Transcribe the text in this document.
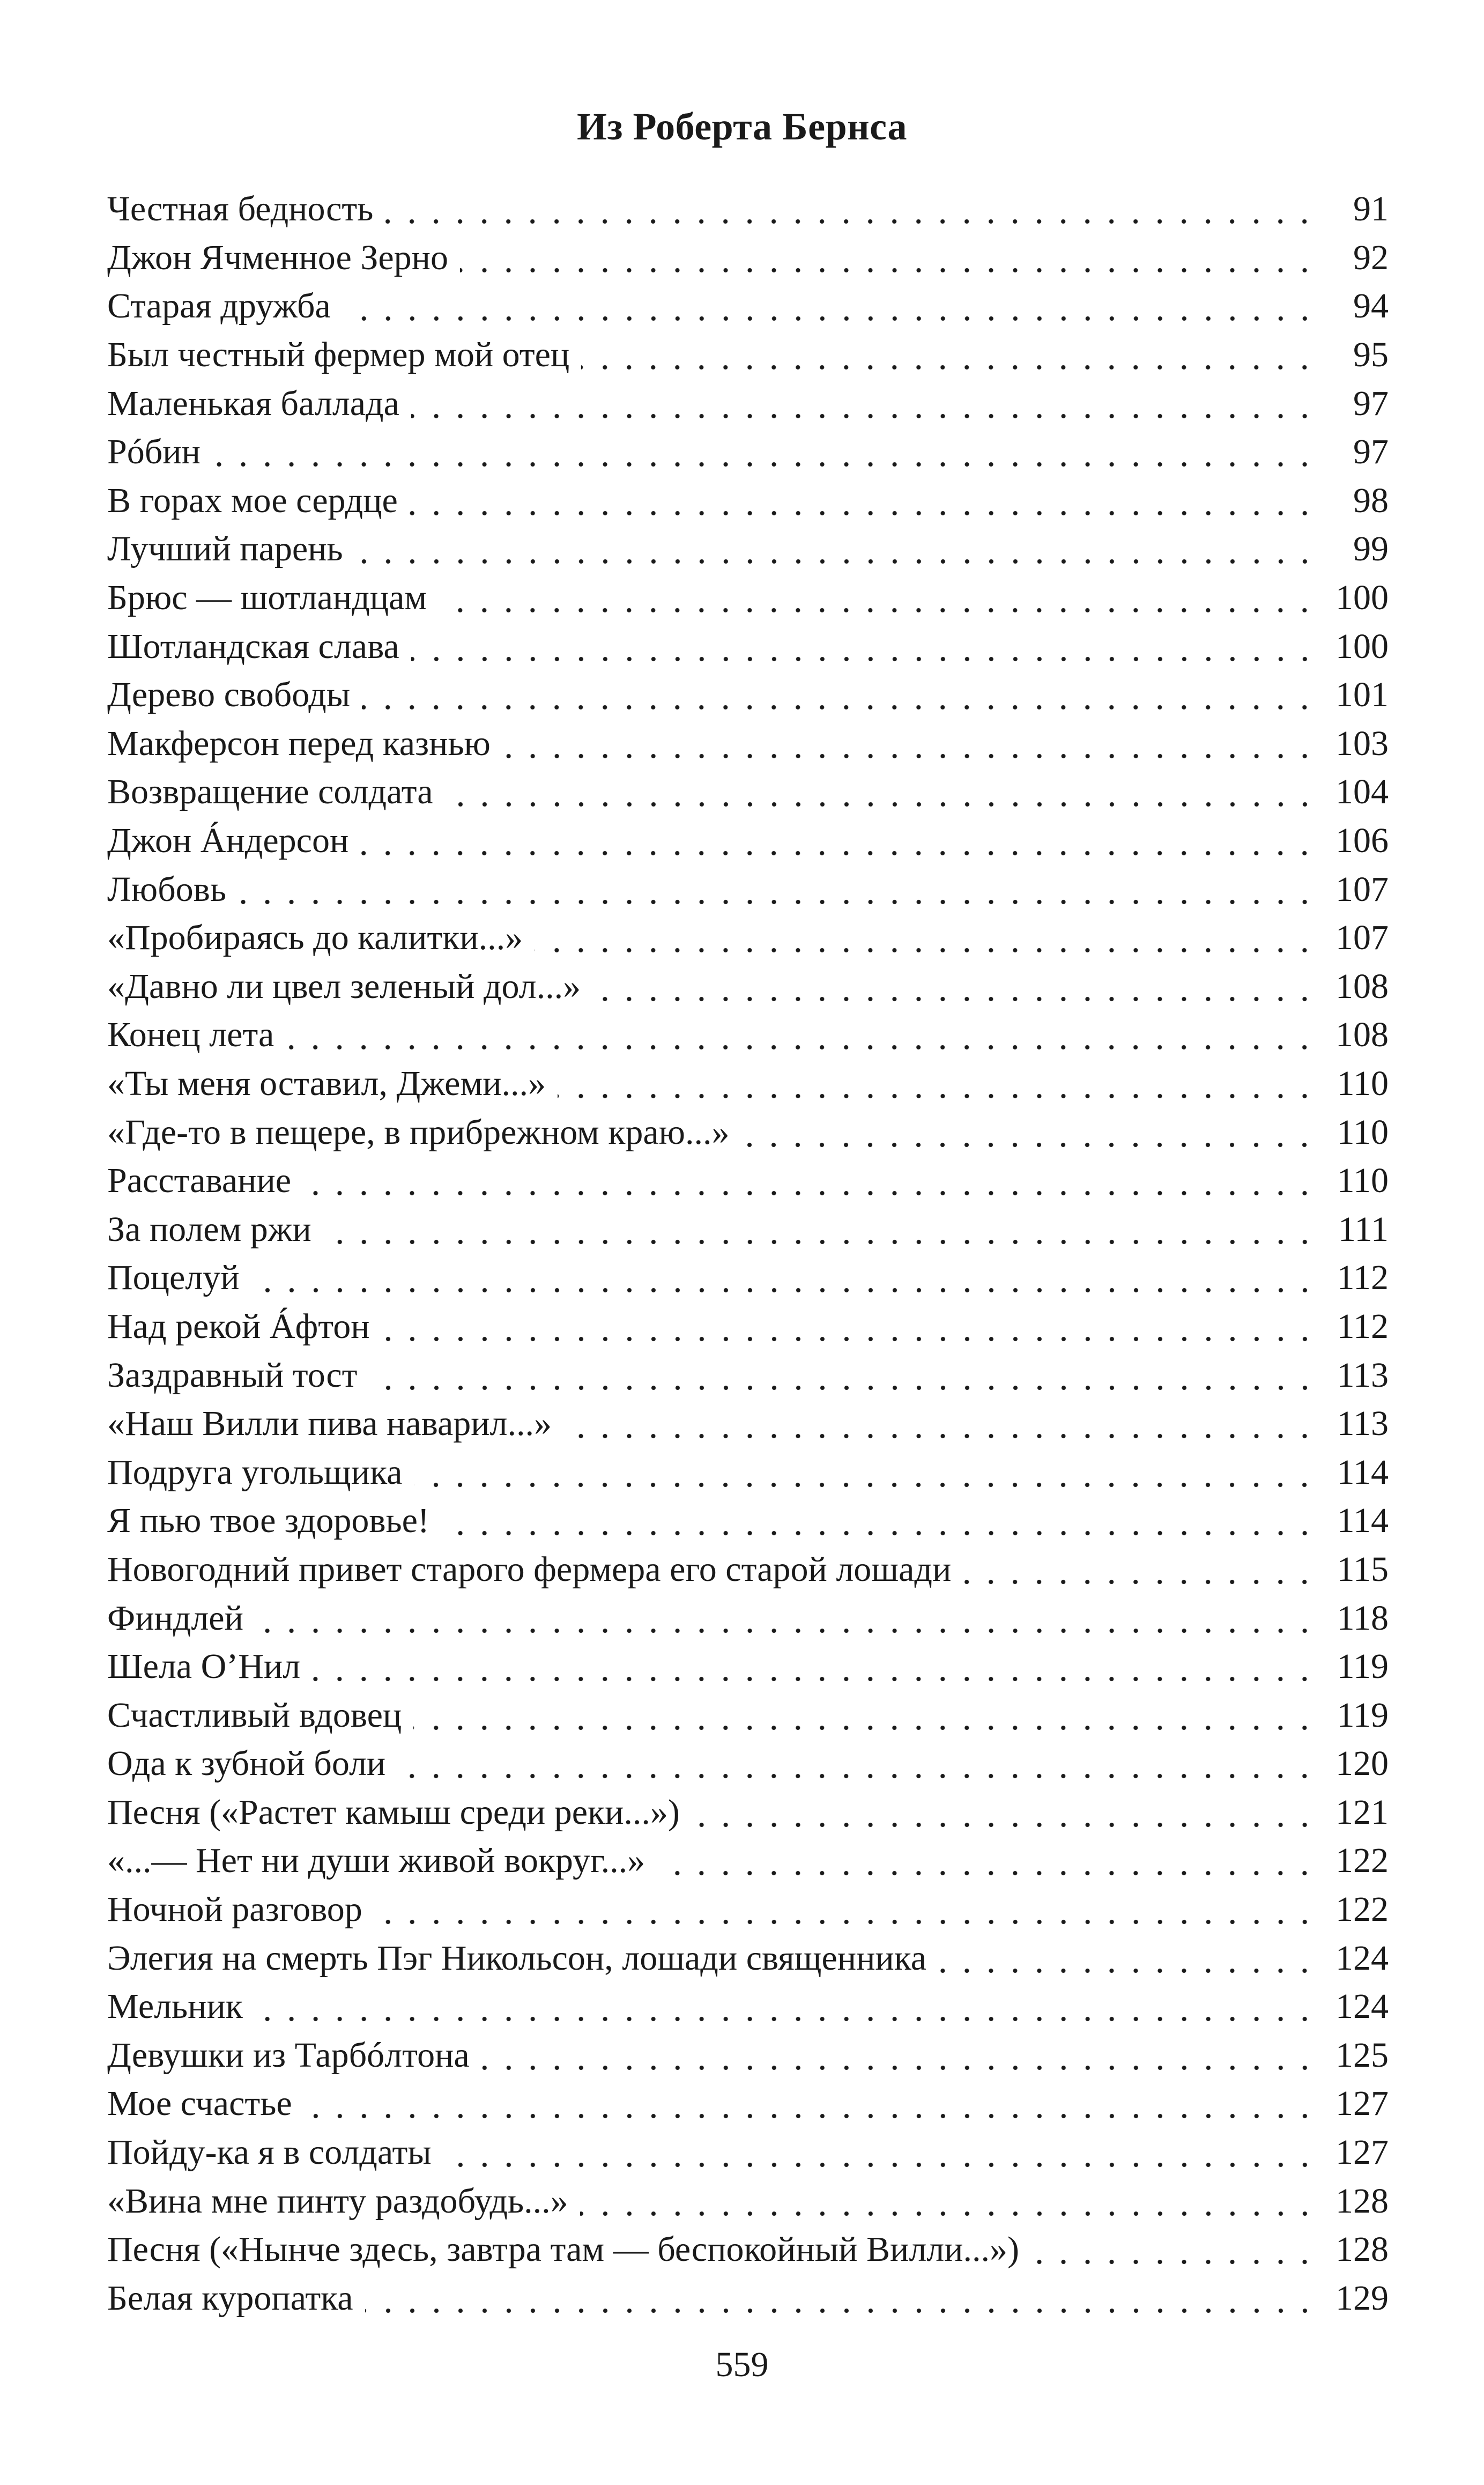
Из Роберта Бернса
Честная бедность	91
Джон Ячменное Зерно	92
Старая дружба	94
Был честный фермер мой отец	95
Маленькая баллада	97
Рóбин	97
В горах мое сердце	98
Лучший парень	99
Брюс — шотландцам	100
Шотландская слава	100
Дерево свободы	101
Макферсон перед казнью	103
Возвращение солдата	104
Джон Áндерсон	106
Любовь	107
«Пробираясь до калитки...»	107
«Давно ли цвел зеленый дол...»	108
Конец лета	108
«Ты меня оставил, Джеми...»	110
«Где-то в пещере, в прибрежном краю...»	110
Расставание	110
За полем ржи	111
Поцелуй	112
Над рекой Áфтон	112
Заздравный тост	113
«Наш Вилли пива наварил...»	113
Подруга угольщика	114
Я пью твое здоровье!	114
Новогодний привет старого фермера его старой лошади	115
Финдлей	118
Шела О’Нил	119
Счастливый вдовец	119
Ода к зубной боли	120
Песня («Растет камыш среди реки...»)	121
«...— Нет ни души живой вокруг...»	122
Ночной разговор	122
Элегия на смерть Пэг Никольсон, лошади священника	124
Мельник	124
Девушки из Тарбóлтона	125
Мое счастье	127
Пойду-ка я в солдаты	127
«Вина мне пинту раздобудь...»	128
Песня («Нынче здесь, завтра там — беспокойный Вилли...»)	128
Белая куропатка	129
559
